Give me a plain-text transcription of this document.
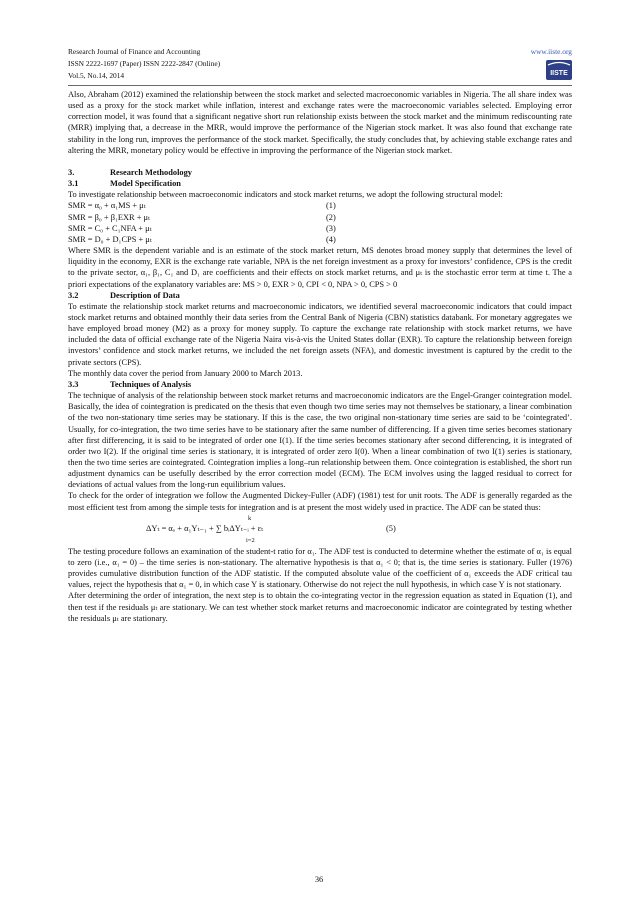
Research Journal of Finance and Accounting
ISSN 2222-1697 (Paper) ISSN 2222-2847 (Online)
Vol.5, No.14, 2014
www.iiste.org
IISTE

Also, Abraham (2012) examined the relationship between the stock market and selected macroeconomic variables in Nigeria. The all share index was used as a proxy for the stock market while inflation, interest and exchange rates were the macroeconomic variables selected. Employing error correction model, it was found that a significant negative short run relationship exists between the stock market and the minimum rediscounting rate (MRR) implying that, a decrease in the MRR, would improve the performance of the Nigerian stock market. It was also found that exchange rate stability in the long run, improves the performance of the stock market. Specifically, the study concludes that, by achieving stable exchange rates and altering the MRR, monetary policy would be effective in improving the performance of the Nigerian stock market.

3.	Research Methodology
3.1	Model Specification

To investigate relationship between macroeconomic indicators and stock market returns, we adopt the following structural model:

SMR = α₀ + α₁MS + μₜ	(1)
SMR = β₀ + β₁EXR + μₜ	(2)
SMR = C₀ + C₁NFA + μₜ	(3)
SMR = D₀ + D₁CPS + μₜ	(4)

Where SMR is the dependent variable and is an estimate of the stock market return, MS denotes broad money supply that determines the level of liquidity in the economy, EXR is the exchange rate variable, NPA is the net foreign investment as a proxy for investors’ confidence, CPS is the credit to the private sector, α₁, β₁, C₁ and D₁ are coefficients and their effects on stock market returns, and μₜ is the stochastic error term at time t. The a priori expectations of the explanatory variables are: MS > 0, EXR > 0, CPI < 0, NPA > 0, CPS > 0

3.2	Description of Data

To estimate the relationship stock market returns and macroeconomic indicators, we identified several macroeconomic indicators that could impact stock market returns and obtained monthly their data series from the Central Bank of Nigeria (CBN) statistics databank. For monetary aggregates we have employed broad money (M2) as a proxy for money supply. To capture the exchange rate relationship with stock market returns, we have included the data of official exchange rate of the Nigeria Naira vis-à-vis the United States dollar (EXR). To capture the relationship between foreign investors’ confidence and stock market returns, we included the net foreign assets (NFA), and domestic investment is captured by the credit to the private sectors (CPS).

The monthly data cover the period from January 2000 to March 2013.

3.3	Techniques of Analysis

The technique of analysis of the relationship between stock market returns and macroeconomic indicators are the Engel-Granger cointegration model. Basically, the idea of cointegration is predicated on the thesis that even though two time series may not themselves be stationary, a linear combination of the two non-stationary time series may be stationary. If this is the case, the two original non-stationary time series are said to be ‘cointegrated’. Usually, for co-integration, the two time series have to be stationary after the same number of differencing. If a given time series becomes stationary after first differencing, it is said to be integrated of order one I(1). If the time series becomes stationary after second differencing, it is integrated of order two I(2). If the original time series is stationary, it is integrated of order zero I(0). When a linear combination of two I(1) series is stationary, then the two time series are cointegrated. Cointegration implies a long–run relationship between them. Once cointegration is established, the short run adjustment dynamics can be usefully described by the error correction model (ECM). The ECM involves using the lagged residual to correct for deviations of actual values from the long-run equilibrium values.

To check for the order of integration we follow the Augmented Dickey-Fuller (ADF) (1981) test for unit roots. The ADF is generally regarded as the most efficient test from among the simple tests for integration and is at present the most widely used in practice. The ADF can be stated thus:

k
ΔYₜ = αₒ + α₁Yₜ₋₁ + ∑ bᵢΔYₜ₋ᵢ + εₜ
i=2
(5)

The testing procedure follows an examination of the student-t ratio for α₁. The ADF test is conducted to determine whether the estimate of α₁ is equal to zero (i.e., α₁ = 0) – the time series is non-stationary. The alternative hypothesis is that α₁ < 0; that is, the time series is stationary. Fuller (1976) provides cumulative distribution function of the ADF statistic. If the computed absolute value of the coefficient of α₁ exceeds the ADF critical tau values, reject the hypothesis that α₁ = 0, in which case Y is stationary. Otherwise do not reject the null hypothesis, in which case Y is not stationary.

After determining the order of integration, the next step is to obtain the co-integrating vector in the regression equation as stated in Equation (1), and then test if the residuals μₜ are stationary. We can test whether stock market returns and macroeconomic indicator are cointegrated by testing whether the residuals μₜ are stationary.

36
